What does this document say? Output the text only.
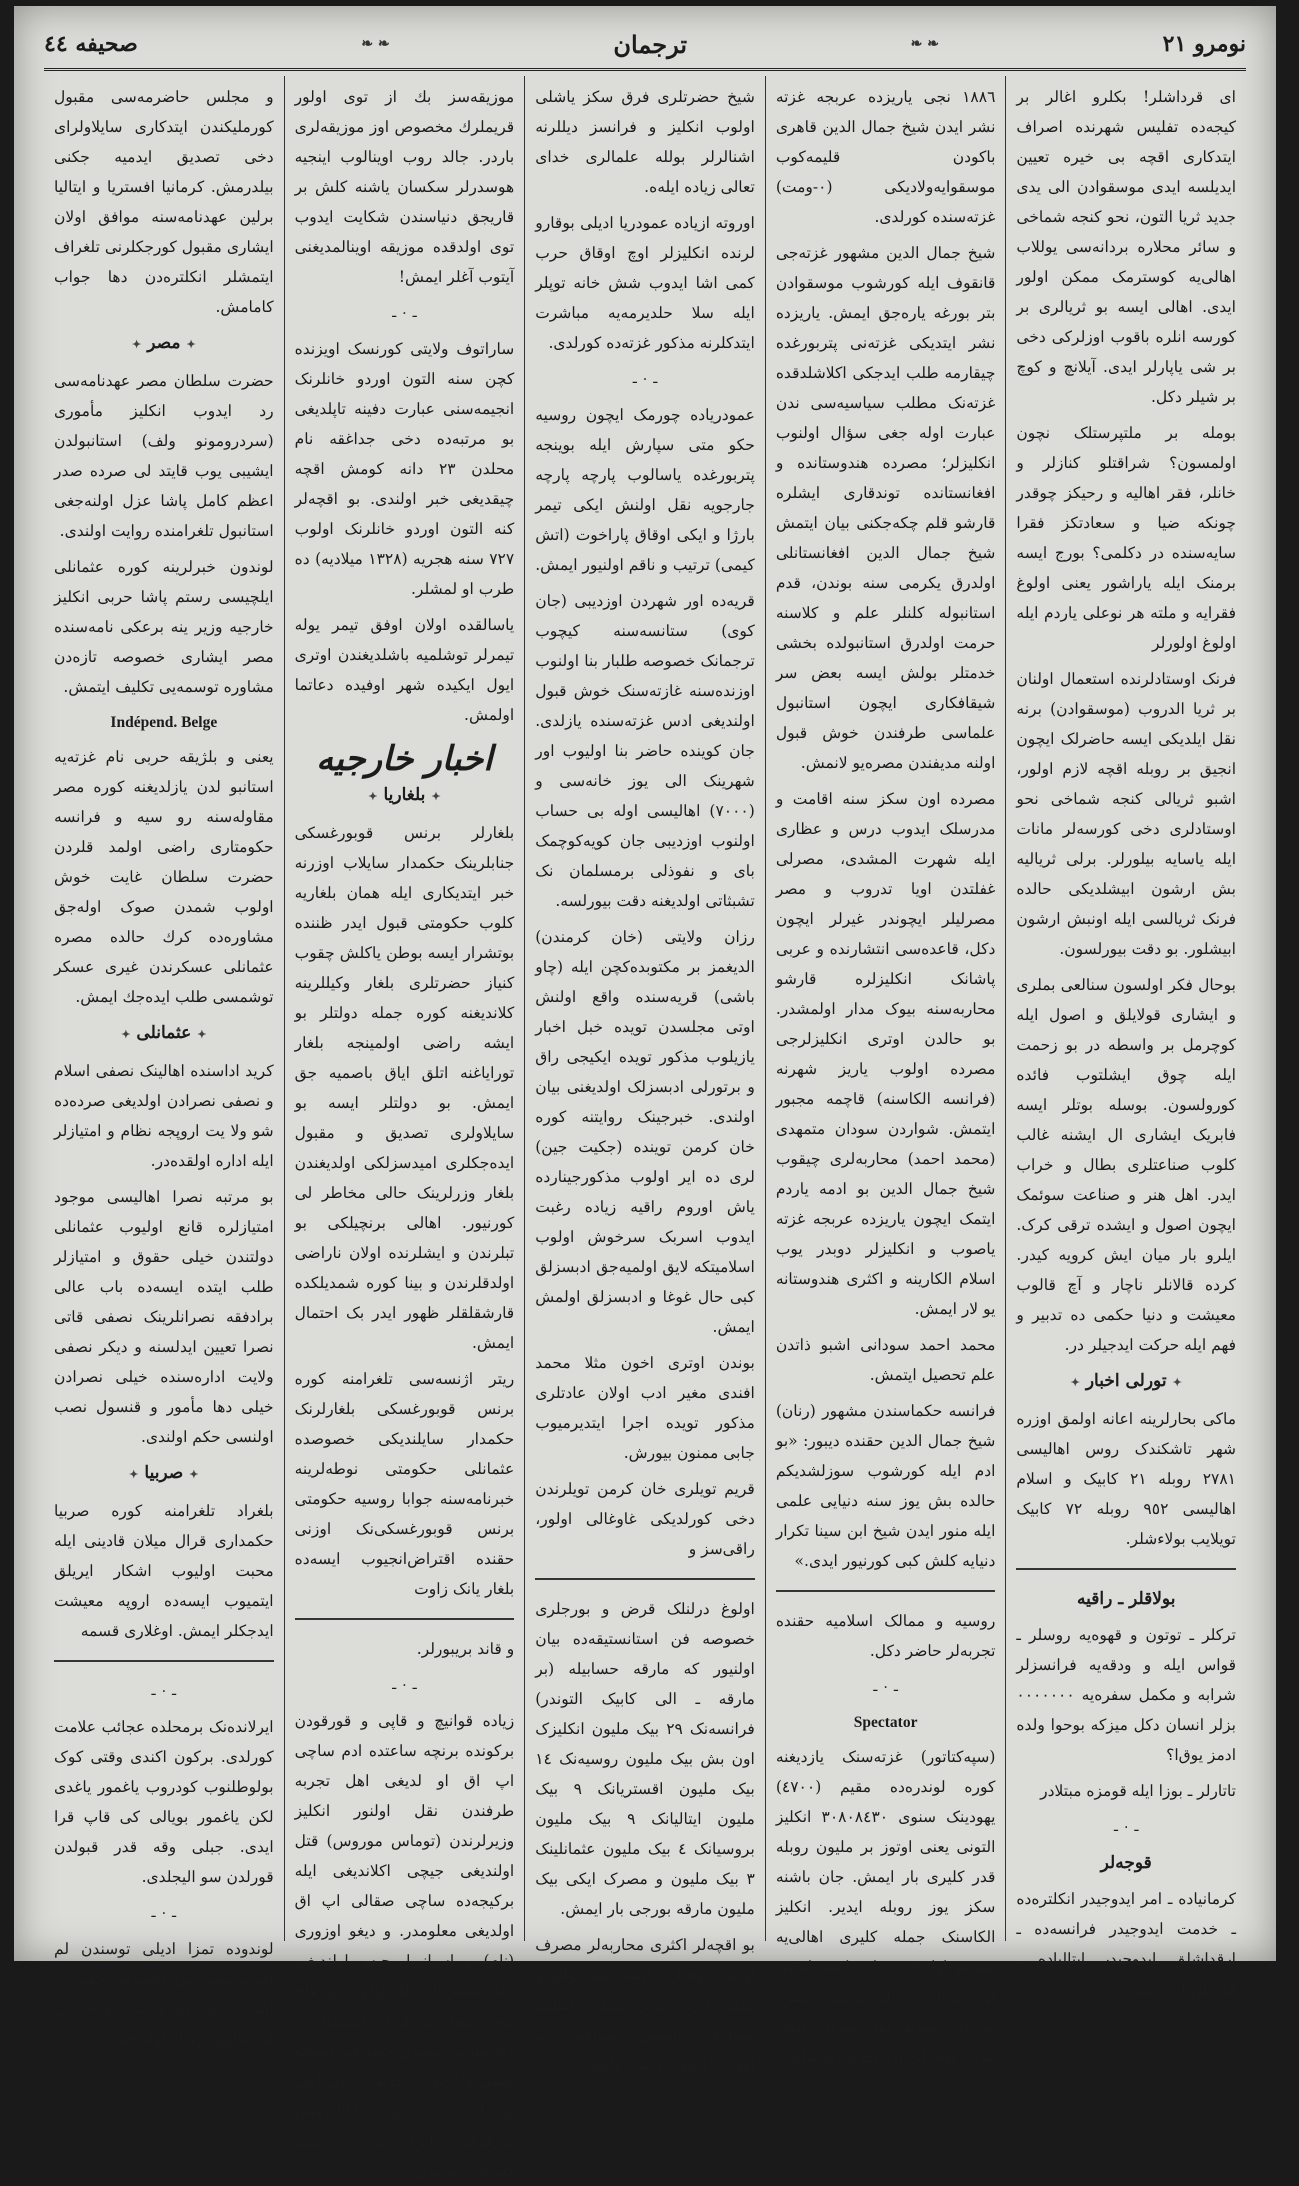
نومرو ٢١
❧ ❧
ترجمان
❧ ❧
صحيفه ٤٤

ای قرداشلر! بکلرو اغالر بر کیجه‌ده تفلیس شهرنده اصراف ایتدکاری اقچه بی خیره تعیین ایدیلسه ایدی موسقوادن الی یدی جدید ثریا التون، نحو کنجه شماخی و سائر محلاره بردانه‌سی یوللاب اهالی‌یه کوسترمک ممکن اولور ایدی. اهالی ایسه بو ثریالری بر کورسه انلره باقوب اوزلرکی دخی بر شی یاپارلر ایدی. آیلانچ و کوچ بر شیلر دکل.

بومله بر ملتپرستلک نچون اولمسون؟ شراقتلو کنازلر و خانلر، فقر اهالیه و رحیکز چوقدر چونکه ضیا و سعادتکز فقرا سایه‌سنده در دکلمی؟ بورج ایسه برمنک ایله یاراشور یعنی اولوغ فقرایه و ملته هر نوعلی یاردم ایله اولوغ اولورلر

فرنک اوستادلرنده استعمال اولنان بر ثریا الدروب (موسقوادن) برنه نقل ایلدیکی ایسه حاضرلک ایچون انجیق بر روبله اقچه لازم اولور، اشبو ثریالی کنجه شماخی نحو اوستادلری دخی کورسه‌لر مانات ایله یاسایه بیلورلر. برلی ثریالیه بش ارشون ابیشلدیکی حالده فرنک ثریالسی ایله اونبش ارشون ابیشلور. بو دقت بیورلسون.

بوحال فکر اولسون سنالعی بملری و ایشاری قولایلق و اصول ایله کوچرمل بر واسطه در بو زحمت ایله چوق ایشلتوب فائده کورولسون. بوسله بوتلر ایسه فابریک ایشاری ال ایشنه غالب کلوب صناعتلری بطال و خراب ایدر. اهل هنر و صناعت سوئمک ایچون اصول و ایشده ترقی کرک. ایلرو بار میان ایش کرویه کیدر. کرده قالانلر ناچار و آچ قالوب معیشت و دنیا حکمی ده تدبیر و فهم ایله حرکت ایدجیلر در.

✦تورلی اخبار✦

ماکی بحارلرینه اعانه اولمق اوزره شهر تاشکندک روس اهالیسی ٢٧٨١ روبله ٢١ کابیک و اسلام اهالیسی ٩٥٢ روبله ٧٢ کابیک تویلایب بولاءشلر.

بولاقلر ـ راقیه

ترکلر ـ توتون و قهوه‌یه روسلر ـ قواس ایله و ودقه‌یه فرانسزلر شرابه و مکمل سفره‌یه ٠٠٠٠٠٠٠ بزلر انسان دکل میزکه بوحوا ولده ادمز یوق‌ا؟

تاتارلر ـ بوزا ایله قومزه مبتلادر

ـ ٠ ـ
قوجه‌لر

کرمانیاده ـ امر ایدوجیدر انکلتره‌ده ـ خدمت ایدوجیدر فرانسه‌ده ـ ارقداشلق ایدوجیدر ایتالیاده ـ قراولق ایدوجیدر

١٨٨٦ نجی یاریزده عربجه غزته نشر ایدن شیخ جمال الدین قاهری باکودن قلیمه‌کوب موسقوایه‌ولادیکی (٠-ومت) غزته‌سنده کورلدی.

شیخ جمال الدین مشهور غزته‌جی قانقوف ایله کورشوب موسقوادن بتر بورغه یاره‌جق ایمش. یاریزده نشر ایتدیکی غزته‌نی پتربورغده چیقارمه طلب ایدجکی اکلاشلدقده غزته‌نک مطلب سیاسیه‌سی ندن عبارت اوله جغی سؤال اولنوب انکلیزلر؛ مصرده هندوستانده و افغانستانده توندقاری ایشلره قارشو قلم چکه‌جکنی بیان ایتمش شیخ جمال الدین افغانستانلی اولدرق یکرمی سنه بوندن، قدم استانبوله کلنلر علم و کلاسنه حرمت اولدرق استانبولده بخشی خدمتلر بولش ایسه بعض سر شیقافکاری ایچون استانبول علماسی طرفندن خوش قبول اولنه مدیفندن مصره‌یو لانمش.

مصرده اون سکز سنه اقامت و مدرسلک ایدوب درس و عظاری ایله شهرت المشدی، مصرلی غفلتدن اویا تدروب و مصر مصرلیلر ایچوندر غیرلر ایچون دکل، قاعده‌سی انتشارنده و عربی پاشانک انکلیزلره قارشو محاربه‌سنه بیوک مدار اولمشدر. بو حالدن اوتری انکلیزلرجی مصرده اولوب یاریز شهرنه (فرانسه الکاسنه) قاچمه مجبور ایتمش. شواردن سودان متمهدی (محمد احمد) محاربه‌لری چیقوب شیخ جمال الدین بو ادمه یاردم ایتمک ایچون یاریزده عربجه غزته یاصوب و انکلیزلر دوبدر یوب اسلام الکارینه و اکثری هندوستانه یو لار ایمش.

محمد احمد سودانی اشبو ذاتدن علم تحصیل ایتمش.

فرانسه حکماسندن مشهور (رنان) شیخ جمال الدین حقنده دیبور: «بو ادم ایله کورشوب سوزلشدیکم حالده بش یوز سنه دنیایی علمی ایله منور ایدن شیخ ابن سینا تکرار دنیایه کلش کبی کورنیور ایدی.»

روسیه و ممالک اسلامیه حقنده تجربه‌لر حاضر دکل.

ـ ٠ ـ
Spectator

(سپه‌کتاتور) غزته‌سنک یازدیغنه کوره لوندره‌ده مقیم (٤٧٠٠) یهودینک سنوی ٣٠٨٠٨٤٣٠ انکلیز التونی یعنی اوتوز بر ملیون روبله قدر کلیری بار ایمش. جان باشنه سکز یوز روبله ایدیر. انکلیز الکاسنک جمله کلیری اهالی‌یه تقسیم اولندقده جان باشنه انجیق اوج یوزلی روبله توشه ایمش. بوحالده یهودیلر اهل نصرادن ایکی مرتبه اقچه‌لی اولدقلری اکلاشلیور.

شیخ حضرتلری فرق سکز یاشلی اولوب انکلیز و فرانسز دیللرنه اشنالرلر بولله علمالری خدای تعالی زیاده ایله‌ه.

اوروته ازیاده عمودریا ادیلی بوقارو لرنده انکلیزلر اوچ اوقاق حرب کمی اشا ایدوب شش خانه توپلر ایله سلا حلدیرمه‌یه مباشرت ایتدکلرنه مذکور غزته‌ده کورلدی.

ـ ٠ ـ

عمودریاده چورمک ایچون روسیه حکو متی سپارش ایله بوینجه پتربورغده یاسالوب پارچه پارچه جارجویه نقل اولنش ایکی تیمر بارژا و ایکی اوقاق پاراخوت (اتش کیمی) ترتیب و ناقم اولنیور ایمش.

قریه‌ده اور شهردن اوزدیبی (جان کوی) ستانسه‌سنه کیچوب ترجمانک خصوصه طلبار بنا اولنوب اوزنده‌سنه غازته‌سنک خوش قبول اولندیغی ادس غزته‌سنده یازلدی. جان کوینده حاضر بنا اولیوب اور شهرینک الی یوز خانه‌سی و (٧٠٠٠) اهالیسی اوله‌ بی حساب اولنوب اوزدیبی جان کویه‌کوچمک بای و نفوذلی برمسلمان نک تشبثاتی اولدیغنه دقت بیورلسه.

رزان ولایتی (خان کرمندن) الدیغمز بر مکتوبده‌کچن ایله (چاو باشی) قریه‌سنده واقع اولنش اوتی مجلسدن تویده‌ خبل اخبار یازیلوب مذکور تویده ایکیجی راق و برتورلی ادبسزلک اولدیغنی بیان اولندی. خبرجینک روایتنه کوره خان کرمن توینده (جکیت جین) لری ده ایر اولوب مذکورجینارده یاش اوروم راقیه زیاده رغبت ایدوب اسربک سرخوش اولوب اسلامیتکه لایق اولمیه‌جق ادبسزلق کبی حال غوغا و ادبسزلق اولمش ایمش.

بوندن اوتری اخون مثلا محمد افندی مغیر ادب اولان عادتلری مذکور تویده اجرا ایتدیرمیوب جابی ممنون بیورش.

قریم تویلری خان کرمن تویلرندن دخی کورلدیکی غاوغالی اولور، راقی‌سز و

اولوغ درلنلک قرض و بورجلری خصوصه فن استانستیقه‌ده بیان اولنیور که مارقه حسابیله (بر مارقه ـ الی کابیک التوندر) فرانسه‌نک ٢٩ بیک ملیون انکلیزک اون بش بیک ملیون روسیه‌نک ١٤ بیک ملیون اقستریانک ٩ بیک ملیون ایتالیانک ٩ بیک ملیون بروسیانک ٤ بیک ملیون عثمانلینک ٣ بیک ملیون و مصرک ایکی بیک ملیون مارقه بورجی بار ایمش.

بو اقچه‌لر اکثری محاربه‌لر مصرف اولنوب وقداری ایسه تیمر یوللر و ملکه لازم سائر شیلر یاسائیه مصارف اولنمش. صرافلره بو اقچه‌لر ایچون دولتلر فائض

موزیقه‌سز بك از توی اولور قریملرك مخصوص اوز موزیقه‌لری باردر. جالد روب اوینالوب اینجیه هوسدرلر سکسان یاشنه کلش بر قاریجق دنیاسندن شکایت ایدوب توی اولدقده موزیقه اوینالمدیغنی آیتوب آغلر ایمش!

ـ ٠ ـ

ساراتوف ولایتی کورنسک اویزنده کچن سنه التون اوردو خانلرنک انجیمه‌سنی عبارت دفینه تاپلدیغی بو مرتبه‌ده دخی جداغقه نام محلدن ٢٣ دانه کومش اقچه چیقدیغی خبر اولندی. بو اقچه‌لر کنه التون اوردو خانلرنک اولوب ٧٢٧ سنه هجریه (١٣٢٨ میلادیه) ده طرب او لمشلر.

یاسالقده اولان اوفق تیمر یوله تیمرلر توشلمیه باشلدیغندن اوتری ایول ایکیده شهر اوفیده دعاتما اولمش.

اخبار خارجیه
✦بلغاریا✦

بلغارلر برنس قوبورغسکی جنابلرینک حکمدار سایلاب اوزرنه خبر ایتدیکاری ایله همان بلغاریه کلوب حکومتی قبول ایدر ظننده بوتشرار ایسه بوطن یاکلش چقوب کنیاز حضرتلری بلغار وکیللرینه کلاندیغنه کوره جمله دولتلر بو ایشه راضی اولمینجه بلغار تورایاغنه اتلق ایاق باصمیه جق ایمش. بو دولتلر ایسه بو سایلاولری تصدیق و مقبول ایده‌جکلری امیدسزلکی اولدیغندن بلغار وزرلرینک حالی مخاطر لی کورنیور. اهالی برنچیلکی بو تبلرندن و ایشلرنده اولان ناراضی اولدقلرندن و بینا کوره شمدیلکده قارشقلقلر ظهور ایدر بک احتمال ایمش.

ریتر اژنسه‌سی تلغرامنه کوره برنس قوبورغسکی بلغارلرنک حکمدار سایلندیکی خصوصده عثمانلی حکومتی نوطه‌لرینه خبرنامه‌سنه جوابا روسیه حکومتی برنس قوبورغسکی‌نک اوزنی حقنده اقتراض‌انجیوب ایسه‌ده بلغار یانک زاوت

و قاند بریبورلر.

ـ ٠ ـ

زیاده قوانیچ و قاپی و قورقودن برکونده برنچه ساعتده ادم ساچی اپ اق او لدیغی اهل تجربه طرفندن نقل اولنور انکلیز وزیرلرندن (توماس موروس) قتل اولندیغی جیچی اکلاندیغی ایله برکیجه‌ده ساچی صقالی اپ اق اولدیغی معلومدر. و دیغو اوزوری (نام) بر اسپانیول حبس اولندیغی ایله هاشی اپ اق اولوب بر قاچ کون صوک بر کوتاخ (مونقا) نی اکلاشلوب حبسدن چیقدیغی آیتمکه هشی قارخیوانی جوبولاد کون ایلی بر اپ اق اولوب اباباددقمن کورلدکه جابری برونی رنکنه کلدیکی کورلدی.

و مجلس حاضرمه‌سی مقبول کورملیکندن ایتدکاری سایلاولرای دخی تصدیق ایدمیه جکنی بیلدرمش. کرمانیا افستریا و ایتالیا برلین عهدنامه‌سنه موافق اولان ایشاری مقبول کورجکلرنی تلغراف ایتمشلر انکلتره‌دن دها جواب کامامش.

✦مصر✦

حضرت سلطان مصر عهدنامه‌سی رد ایدوب انکلیز مأموری (سردرومونو ولف) استانبولدن ایشیبی یوب قایتد لی صرده صدر اعظم کامل پاشا عزل اولنه‌جغی استانبول تلغرامنده روایت اولندی.

لوندون خبرلرینه کوره عثمانلی ایلچیسی رستم پاشا حربی انکلیز خارجیه وزیر ینه برعکی نامه‌سنده مصر ایشاری خصوصه تازه‌دن مشاوره توسمه‌یی تکلیف ایتمش.

Indépend. Belge

یعنی و بلژیقه حربی نام غزته‌یه استانبو لدن یازلدیغنه کوره مصر مقاوله‌سنه رو سیه و فرانسه حکومتاری راضی اولمد قلردن حضرت سلطان غایت خوش اولوب شمدن صوک اوله‌جق مشاوره‌ده کرك حالده مصره عثمانلی عسکرندن غیری عسکر توشمسی طلب ایده‌جك ایمش.

✦عثمانلی✦

کرید ادا‌سنده اهالینک نصفی اسلام و نصفی نصرادن اولدیغی صرده‌ده شو ولا یت اروپجه نظام و امتیازلر ایله اداره اولقده‌در.

بو مرتبه نصرا اهالیسی موجود امتیازلره قانع اولیوب عثمانلی دولتندن خیلی حقوق و امتیازلر طلب ایتده ایسه‌ده باب عالی برادفقه نصرانلرینک نصفی قاتی نصرا تعیین ایدلسنه و دیکر نصفی ولایت اداره‌سنده خیلی نصرادن خیلی دها مأمور و قنسول نصب اولنسی حکم اولندی.

✦صربیا✦

بلغراد تلغرامنه کوره صربیا حکمداری قرال میلان قادینی ایله محبت اولیوب اشکار ایریلق ایتمیوب ایسه‌ده اروپه معیشت ایدجکلر ایمش. اوغلاری قسمه

ـ ٠ ـ

ایرلاند‌ه‌نک برمحلده عجائب علامت کورلدی. برکون اکندی وقتی کوک بولوطلنوب کودروب یاغمور یاغدی لکن یاغمور بویالی کی قاپ قرا ایدی. جبلی وقه قدر قبولدن قورلدن سو الیجلدی.

ـ ٠ ـ

لوندوده تمزا ادیلی توسندن لم اجوب تیمر یول کچوبرمه جگده ر. ایمانک بیو اوچ ورست و خرجی اون ملیون روبله اوله چقدر.
